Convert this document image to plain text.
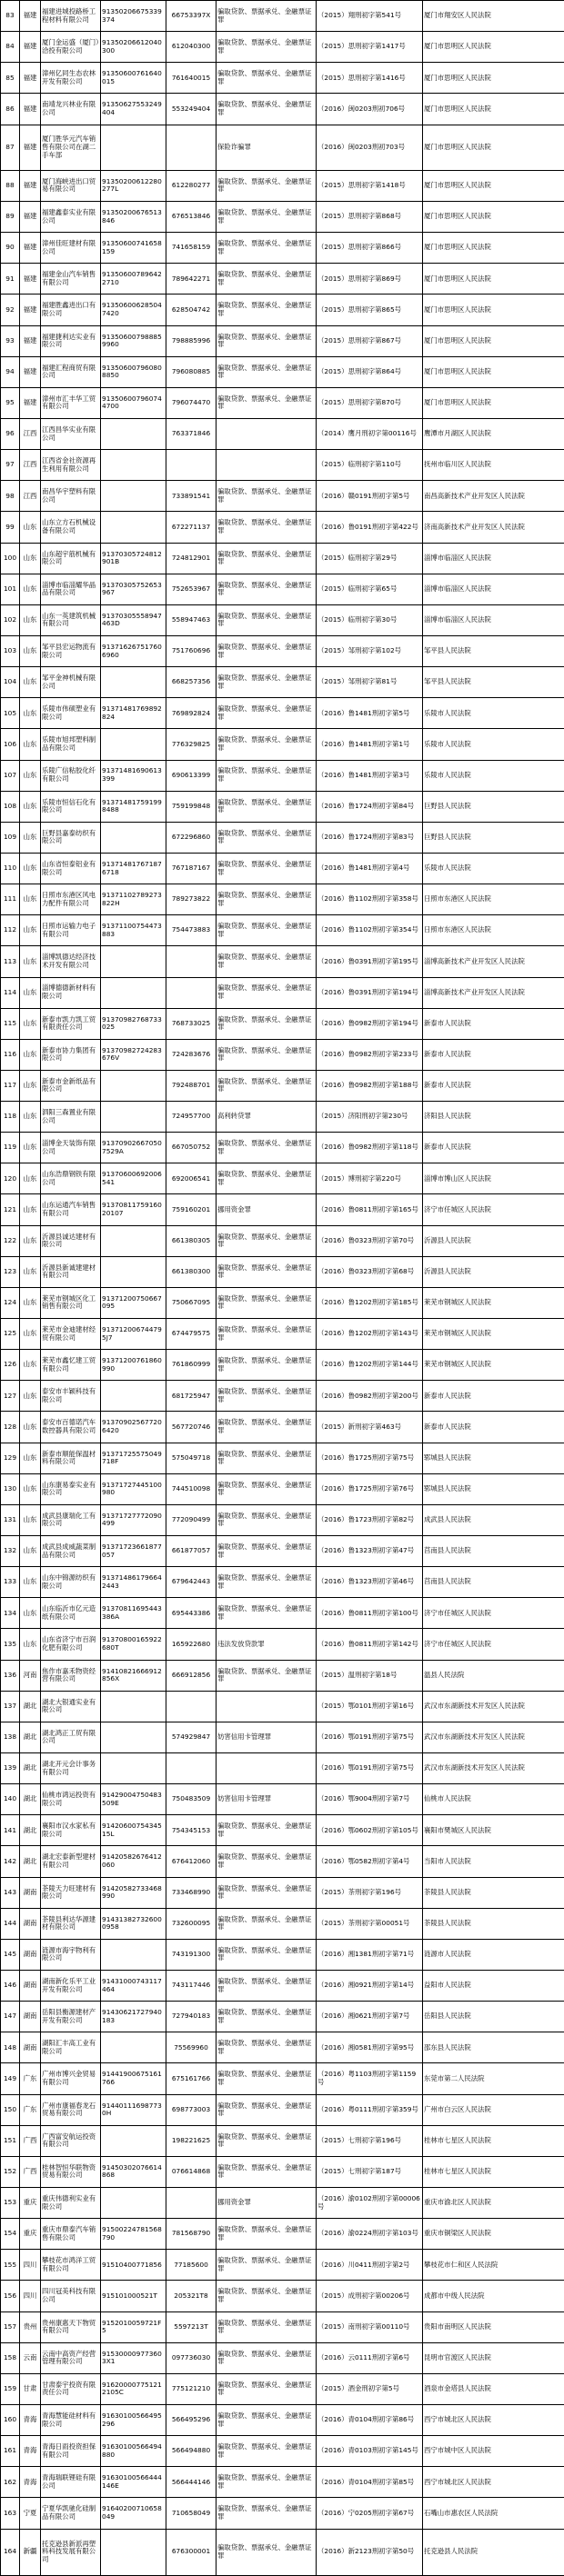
83	福建	福建进城投路桥工程材料有限公司	91350206675339374	66753397X	骗取贷款、票据承兑、金融票证罪	（2015）翔刑初字第541号	厦门市翔安区人民法院
84	福建	厦门金运盛（厦门）洽投有限公司	91350206612040300	612040300	骗取贷款、票据承兑、金融票证罪	（2015）思刑初字第1417号	厦门市思明区人民法院
85	福建	漳州亿同生态农林开发有限公司	91350600761640015	761640015	骗取贷款、票据承兑、金融票证罪	（2015）思刑初字第1416号	厦门市思明区人民法院
86	福建	南靖龙兴林业有限公司	91350627553249404	553249404	骗取贷款、票据承兑、金融票证罪	（2016）闽0203刑初706号	厦门市思明区人民法院
87	福建	厦门胜华元汽车销售有限公司在湖二手车部			保险诈骗罪	（2016）闽0203刑初703号	厦门市思明区人民法院
88	福建	厦门海峡进出口贸易有限公司	91350200612280277L	612280277	骗取贷款、票据承兑、金融票证罪	（2015）思刑初字第1418号	厦门市思明区人民法院
89	福建	福建鑫泰实业有限公司	91350200676513846	676513846	骗取贷款、票据承兑、金融票证罪	（2015）思刑初字第868号	厦门市思明区人民法院
90	福建	漳州佳旺建材有限公司	91350600741658159	741658159	骗取贷款、票据承兑、金融票证罪	（2015）思刑初字第866号	厦门市思明区人民法院
91	福建	福建金山汽车销售有限公司	913506007896422710	789642271	骗取贷款、票据承兑、金融票证罪	（2015）思刑初字第869号	厦门市思明区人民法院
92	福建	福建胜鑫进出口有限公司	913506006285047420	628504742	骗取贷款、票据承兑、金融票证罪	（2015）思刑初字第865号	厦门市思明区人民法院
93	福建	福建捷利达实业有限公司	913506007988859960	798885996	骗取贷款、票据承兑、金融票证罪	（2015）思刑初字第867号	厦门市思明区人民法院
94	福建	福建汇程商贸有限公司	913506007960808850	796080885	骗取贷款、票据承兑、金融票证罪	（2015）思刑初字第864号	厦门市思明区人民法院
95	福建	漳州市汇丰华工贸有限公司	913506007960744700	796074470	骗取贷款、票据承兑、金融票证罪	（2015）思刑初字第870号	厦门市思明区人民法院
96	江西	江西昌华实业有限公司		763371846		（2014）鹰月刑初字第00116号	鹰潭市月湖区人民法院
97	江西	江西省金社资源再生利用有限公司				（2015）临刑初字第110号	抚州市临川区人民法院
98	江西	南昌华宇塑料有限公司		733891541	骗取贷款、票据承兑、金融票证罪	（2016）赣0191刑初字第5号	南昌高新技术产业开发区人民法院
99	山东	山东立方石机械设备有限公司		672271137	骗取贷款、票据承兑、金融票证罪	（2016）鲁0191刑初字第422号	济南高新技术产业开发区人民法院
100	山东	山东超宇筋机械有限公司	91370305724812901B	724812901	骗取贷款、票据承兑、金融票证罪	（2015）临刑初字第29号	淄博市临淄区人民法院
101	山东	淄博市临淄耀华晶品有限公司	91370305752653967	752653967	骗取贷款、票据承兑、金融票证罪	（2015）临刑初字第65号	淄博市临淄区人民法院
102	山东	山东一英建筑机械有限公司	91370305558947463D	558947463	骗取贷款、票据承兑、金融票证罪	（2015）临刑初字第30号	淄博市临淄区人民法院
103	山东	邹平县宏运物流有限公司	913716267517606960	751760696	骗取贷款、票据承兑、金融票证罪	（2015）邹刑初字第102号	邹平县人民法院
104	山东	邹平金神机械有限公司		668257356	骗取贷款、票据承兑、金融票证罪	（2015）邹刑初字第81号	邹平县人民法院
105	山东	乐陵市伟硕塑业有限公司	91371481769892824	769892824	骗取贷款、票据承兑、金融票证罪	（2016）鲁1481刑初字第5号	乐陵市人民法院
106	山东	乐陵市旭邦塑料制品有限公司		776329825	骗取贷款、票据承兑、金融票证罪	（2016）鲁1481刑初字第1号	乐陵市人民法院
107	山东	乐陵广信粘胶化纤有限公司	91371481690613399	690613399	骗取贷款、票据承兑、金融票证罪	（2016）鲁1481刑初字第3号	乐陵市人民法院
108	山东	乐陵市恒信石化有限公司	913714817591998488	759199848	骗取贷款、票据承兑、金融票证罪	（2016）鲁1724刑初字第84号	巨野县人民法院
109	山东	巨野县嘉泰纺织有限公司		672296860	骗取贷款、票据承兑、金融票证罪	（2016）鲁1724刑初字第83号	巨野县人民法院
110	山东	山东省恒泰铝业有限公司	913714817671876718	767187167	骗取贷款、票据承兑、金融票证罪	（2016）鲁1481刑初字第4号	乐陵市人民法院
111	山东	日照市东港区风电力配件有限公司	91371102789273822H	789273822	骗取贷款、票据承兑、金融票证罪	（2016）鲁1102刑初字第358号	日照市东港区人民法院
112	山东	日照市运输力电子有限公司	91371100754473883	754473883	骗取贷款、票据承兑、金融票证罪	（2016）鲁1102刑初字第354号	日照市东港区人民法院
113	山东	淄博凯德达经济技术开发有限公司			骗取贷款、票据承兑、金融票证罪	（2016）鲁0391刑初字第195号	淄博高新技术产业开发区人民法院
114	山东	淄博德德新材料有限公司			骗取贷款、票据承兑、金融票证罪	（2016）鲁0391刑初字第194号	淄博高新技术产业开发区人民法院
115	山东	新泰市凯力凯工贸有限责任公司	91370982768733025	768733025	骗取贷款、票据承兑、金融票证罪	（2016）鲁0982刑初字第194号	新泰市人民法院
116	山东	新泰市协力集团有限公司	91370982724283676V	724283676	骗取贷款、票据承兑、金融票证罪	（2016）鲁0982刑初字第233号	新泰市人民法院
117	山东	新泰市金新纸品有限公司		792488701	骗取贷款、票据承兑、金融票证罪	（2016）鲁0982刑初字第188号	新泰市人民法院
118	山东	泗阳三森置业有限公司		724957700	高利转贷罪	（2015）济阳刑初字第230号	济阳县人民法院
119	山东	淄博金天装饰有限公司	913709026670507529A	667050752	骗取贷款、票据承兑、金融票证罪	（2016）鲁0982刑初字第118号	新泰市人民法院
120	山东	山东浩鼎钢铁有限公司	91370600692006541	692006541	骗取贷款、票据承兑、金融票证罪	（2015）博刑初字第220号	淄博市博山区人民法院
121	山东	山东运通汽车销售有限公司	9137081175916020107	759160201	挪用资金罪	（2016）鲁0811刑初字第165号	济宁市任城区人民法院
122	山东	沂源县诚达建材有限公司		661380305	骗取贷款、票据承兑、金融票证罪	（2016）鲁0323刑初字第70号	沂源县人民法院
123	山东	沂源县新诚建建材有限公司		661380300	骗取贷款、票据承兑、金融票证罪	（2016）鲁0323刑初字第68号	沂源县人民法院
124	山东	莱芜市钢城区化工销售有限公司	91371200750667095	750667095	骗取贷款、票据承兑、金融票证罪	（2016）鲁1202刑初字第185号	莱芜市钢城区人民法院
125	山东	莱芜市金迪建材经贸有限公司	913712006744795J7	674479575	骗取贷款、票据承兑、金融票证罪	（2016）鲁1202刑初字第143号	莱芜市钢城区人民法院
126	山东	莱芜市鑫忆建工贸有限公司	91371200761860990	761860999	骗取贷款、票据承兑、金融票证罪	（2016）鲁1202刑初字第144号	莱芜市钢城区人民法院
127	山东	泰安市丰颖科技有限公司		681725947	骗取贷款、票据承兑、金融票证罪	（2016）鲁0982刑初字第200号	新泰市人民法院
128	山东	泰安市百德诺汽车数控器具有限公司	913709025677206420	567720746	骗取贷款、票据承兑、金融票证罪	（2015）新刑初字第463号	新泰市人民法院
129	山东	新泰市顺能保温材料有限公司	91371725575049718F	575049718	骗取贷款、票据承兑、金融票证罪	（2016）鲁1725刑初字第75号	郓城县人民法院
130	山东	山东康易泰实业有限公司	91371727445100980	744510098	骗取贷款、票据承兑、金融票证罪	（2016）鲁1725刑初字第76号	郓城县人民法院
131	山东	成武县康瑞化工有限公司	91371727772090499	772090499	骗取贷款、票据承兑、金融票证罪	（2016）鲁1723刑初字第82号	成武县人民法院
132	山东	成武县成威蔬菜制品有限公司	91371723661877057	661877057	骗取贷款、票据承兑、金融票证罪	（2016）鲁1323刑初字第47号	莒南县人民法院
133	山东	山东中锦源纺织有限公司	913714861796642443	679642443	骗取贷款、票据承兑、金融票证罪	（2016）鲁1323刑初字第46号	莒南县人民法院
134	山东	山东临沂市亿元造纸有限公司	91370811695443386A	695443386	骗取贷款、票据承兑、金融票证罪	（2016）鲁0811刑初字第100号	济宁市任城区人民法院
135	山东	山东省济宁市百润化肥有限公司	91370800165922680T	165922680	违法发放贷款罪	（2016）鲁0811刑初字第142号	济宁市任城区人民法院
136	河南	焦作市嘉禾物资经营有限公司	91410821666912856X	666912856	骗取贷款、票据承兑、金融票证罪	（2015）温刑初字第18号	温县人民法院
137	湖北	湖北大银通实业有限公司				（2015）鄂0101刑初字第16号	武汉市东湖新技术开发区人民法院
138	湖北	湖北鸿正工贸有限公司		574929847	妨害信用卡管理罪	（2016）鄂0191刑初字第75号	武汉市东湖新技术开发区人民法院
139	湖北	湖北开元会计事务有限公司				（2016）鄂0191刑初字第75号	武汉市东湖新技术开发区人民法院
140	湖北	仙桃市鸿运投资有限公司	91429004750483509E	750483509	妨害信用卡管理罪	（2016）鄂9004刑初字第7号	仙桃市人民法院
141	湖北	襄阳市汉水家私有限公司	9142060075434515L	754345153	骗取贷款、票据承兑、金融票证罪	（2016）鄂0602刑初字第105号	襄阳市樊城区人民法院
142	湖北	湖北宏泰新型建材有限公司	91420582676412060	676412060	骗取贷款、票据承兑、金融票证罪	（2016）鄂0582刑初字第4号	当阳市人民法院
143	湖南	茶陵天力旺建材有限公司	91420582733468990	733468990	骗取贷款、票据承兑、金融票证罪	（2015）茶刑初字第196号	茶陵县人民法院
144	湖南	茶陵县利达华源建材有限公司	914313827326000958	732600095	骗取贷款、票据承兑、金融票证罪	（2015）茶刑初字第00051号	茶陵县人民法院
145	湖南	涟源市海宇物利有限公司		743191300	骗取贷款、票据承兑、金融票证罪	（2016）湘1381刑初字第71号	涟源市人民法院
146	湖南	湖南新化乐平工业开发有限公司	91431000743117464	743117446	骗取贷款、票据承兑、金融票证罪	（2016）湘0921刑初字第14号	益阳市人民法院
147	湖南	岳阳县衡源建材产开发有限公司	91430621727940183	727940183	骗取贷款、票据承兑、金融票证罪	（2016）湘0621刑初字第7号	岳阳县人民法院
148	湖南	湖阳汇丰高工业有限公司		75569960	骗取贷款、票据承兑、金融票证罪	（2016）湘0581刑初字第95号	邵东县人民法院
149	广东	广州市博兴金贸易有限公司	91441900675161766	675161766	骗取贷款、票据承兑、金融票证罪	（2016）粤1103刑初字第1159号	东莞市第二人民法院
150	广东	广州市康福春龙石贸易有限公司	914401116987730H	698773003	骗取贷款、票据承兑、金融票证罪	（2016）粤0111刑初字第359号	广州市白云区人民法院
151	广西	广西富安航运投资有限公司		198221625	骗取贷款、票据承兑、金融票证罪	（2015）七刑初字第196号	桂林市七星区人民法院
152	广西	桂林智恒华联物资贸易有限公司	91450302076614868	076614868	骗取贷款、票据承兑、金融票证罪	（2015）七刑初字第187号	桂林市七星区人民法院
153	重庆	重庆伟德利实业有限公司			挪用资金罪	（2016）渝0102刑初字第00006号	重庆市渝北区人民法院
154	重庆	重庆市鼎泰汽车销售有限公司	91500224781568790	781568790	骗取贷款、票据承兑、金融票证罪	（2016）渝0224刑初字第103号	重庆市铜梁区人民法院
155	四川	攀枝花市鸿洋工贸有限公司	91510400771856	77185600	骗取贷款、票据承兑、金融票证罪	（2016）川0411刑初字第2号	攀枝花市仁和区人民法院
156	四川	四川冠美科技有限公司	915101000521T	205321T8	骗取贷款、票据承兑、金融票证罪	（2015）成刑初字第00206号	成都市中级人民法院
157	贵州	贵州康惠天下物贸有限公司	9152010059721F5	5597213T	骗取贷款、票据承兑、金融票证罪	（2015）南刑初字第00110号	贵阳市南明区人民法院
158	云南	云南中高资产经营管理有限公司	915300009773603X1	097736030	骗取贷款、票据承兑、金融票证罪	（2016）云0111刑初字第6号	昆明市官渡区人民法院
159	甘肃	甘肃泰宇投资有限责任公司	916200007751212105C	775121210	骗取贷款、票据承兑、金融票证罪	（2015）酒金刑初字第5号	酒泉市金塔县人民法院
160	青海	青海慧能硅材料有限公司	91630100566495296	566495296	骗取贷款、票据承兑、金融票证罪	（2016）青0104刑初字第86号	西宁市城北区人民法院
161	青海	青海日雨投资担保有限公司	91630100566494880	566494880	骗取贷款、票据承兑、金融票证罪	（2016）青0103刑初字第145号	西宁市城中区人民法院
162	青海	青海瑞联锂硅有限公司	91630100566444146E	566444146	骗取贷款、票据承兑、金融票证罪	（2016）青0104刑初字第85号	西宁市城北区人民法院
163	宁夏	宁夏华凯驰化硅制品有限公司	91640200710658049	710658049	骗取贷款、票据承兑、金融票证罪	（2016）宁0205刑初字第67号	石嘴山市惠农区人民法院
164	新疆	托克逊县新派再塑料科技发展有限公司		676300001	骗取贷款、票据承兑、金融票证罪	（2016）新2123刑初字第50号	托克逊县人民法院
